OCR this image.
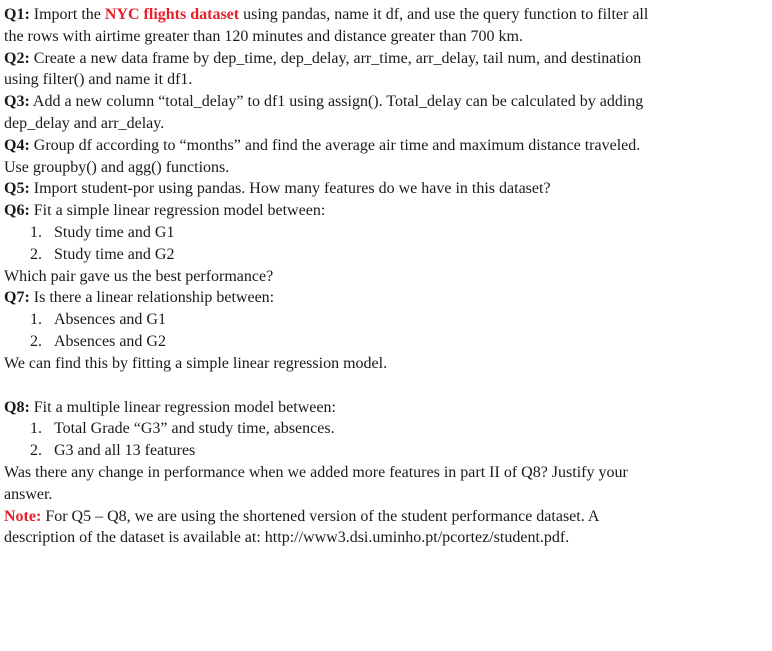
Q1: Import the NYC flights dataset using pandas, name it df, and use the query function to filter all the rows with airtime greater than 120 minutes and distance greater than 700 km.

Q2: Create a new data frame by dep_time, dep_delay, arr_time, arr_delay, tail num, and destination using filter() and name it df1.

Q3: Add a new column “total_delay” to df1 using assign(). Total_delay can be calculated by adding dep_delay and arr_delay.

Q4: Group df according to “months” and find the average air time and maximum distance traveled. Use groupby() and agg() functions.

Q5: Import student-por using pandas. How many features do we have in this dataset?

Q6: Fit a simple linear regression model between:

1. Study time and G1
2. Study time and G2

Which pair gave us the best performance?

Q7: Is there a linear relationship between:

1. Absences and G1
2. Absences and G2

We can find this by fitting a simple linear regression model.

Q8: Fit a multiple linear regression model between:

1. Total Grade “G3” and study time, absences.
2. G3 and all 13 features

Was there any change in performance when we added more features in part II of Q8? Justify your answer.

Note: For Q5 – Q8, we are using the shortened version of the student performance dataset. A description of the dataset is available at: http://www3.dsi.uminho.pt/pcortez/student.pdf.
